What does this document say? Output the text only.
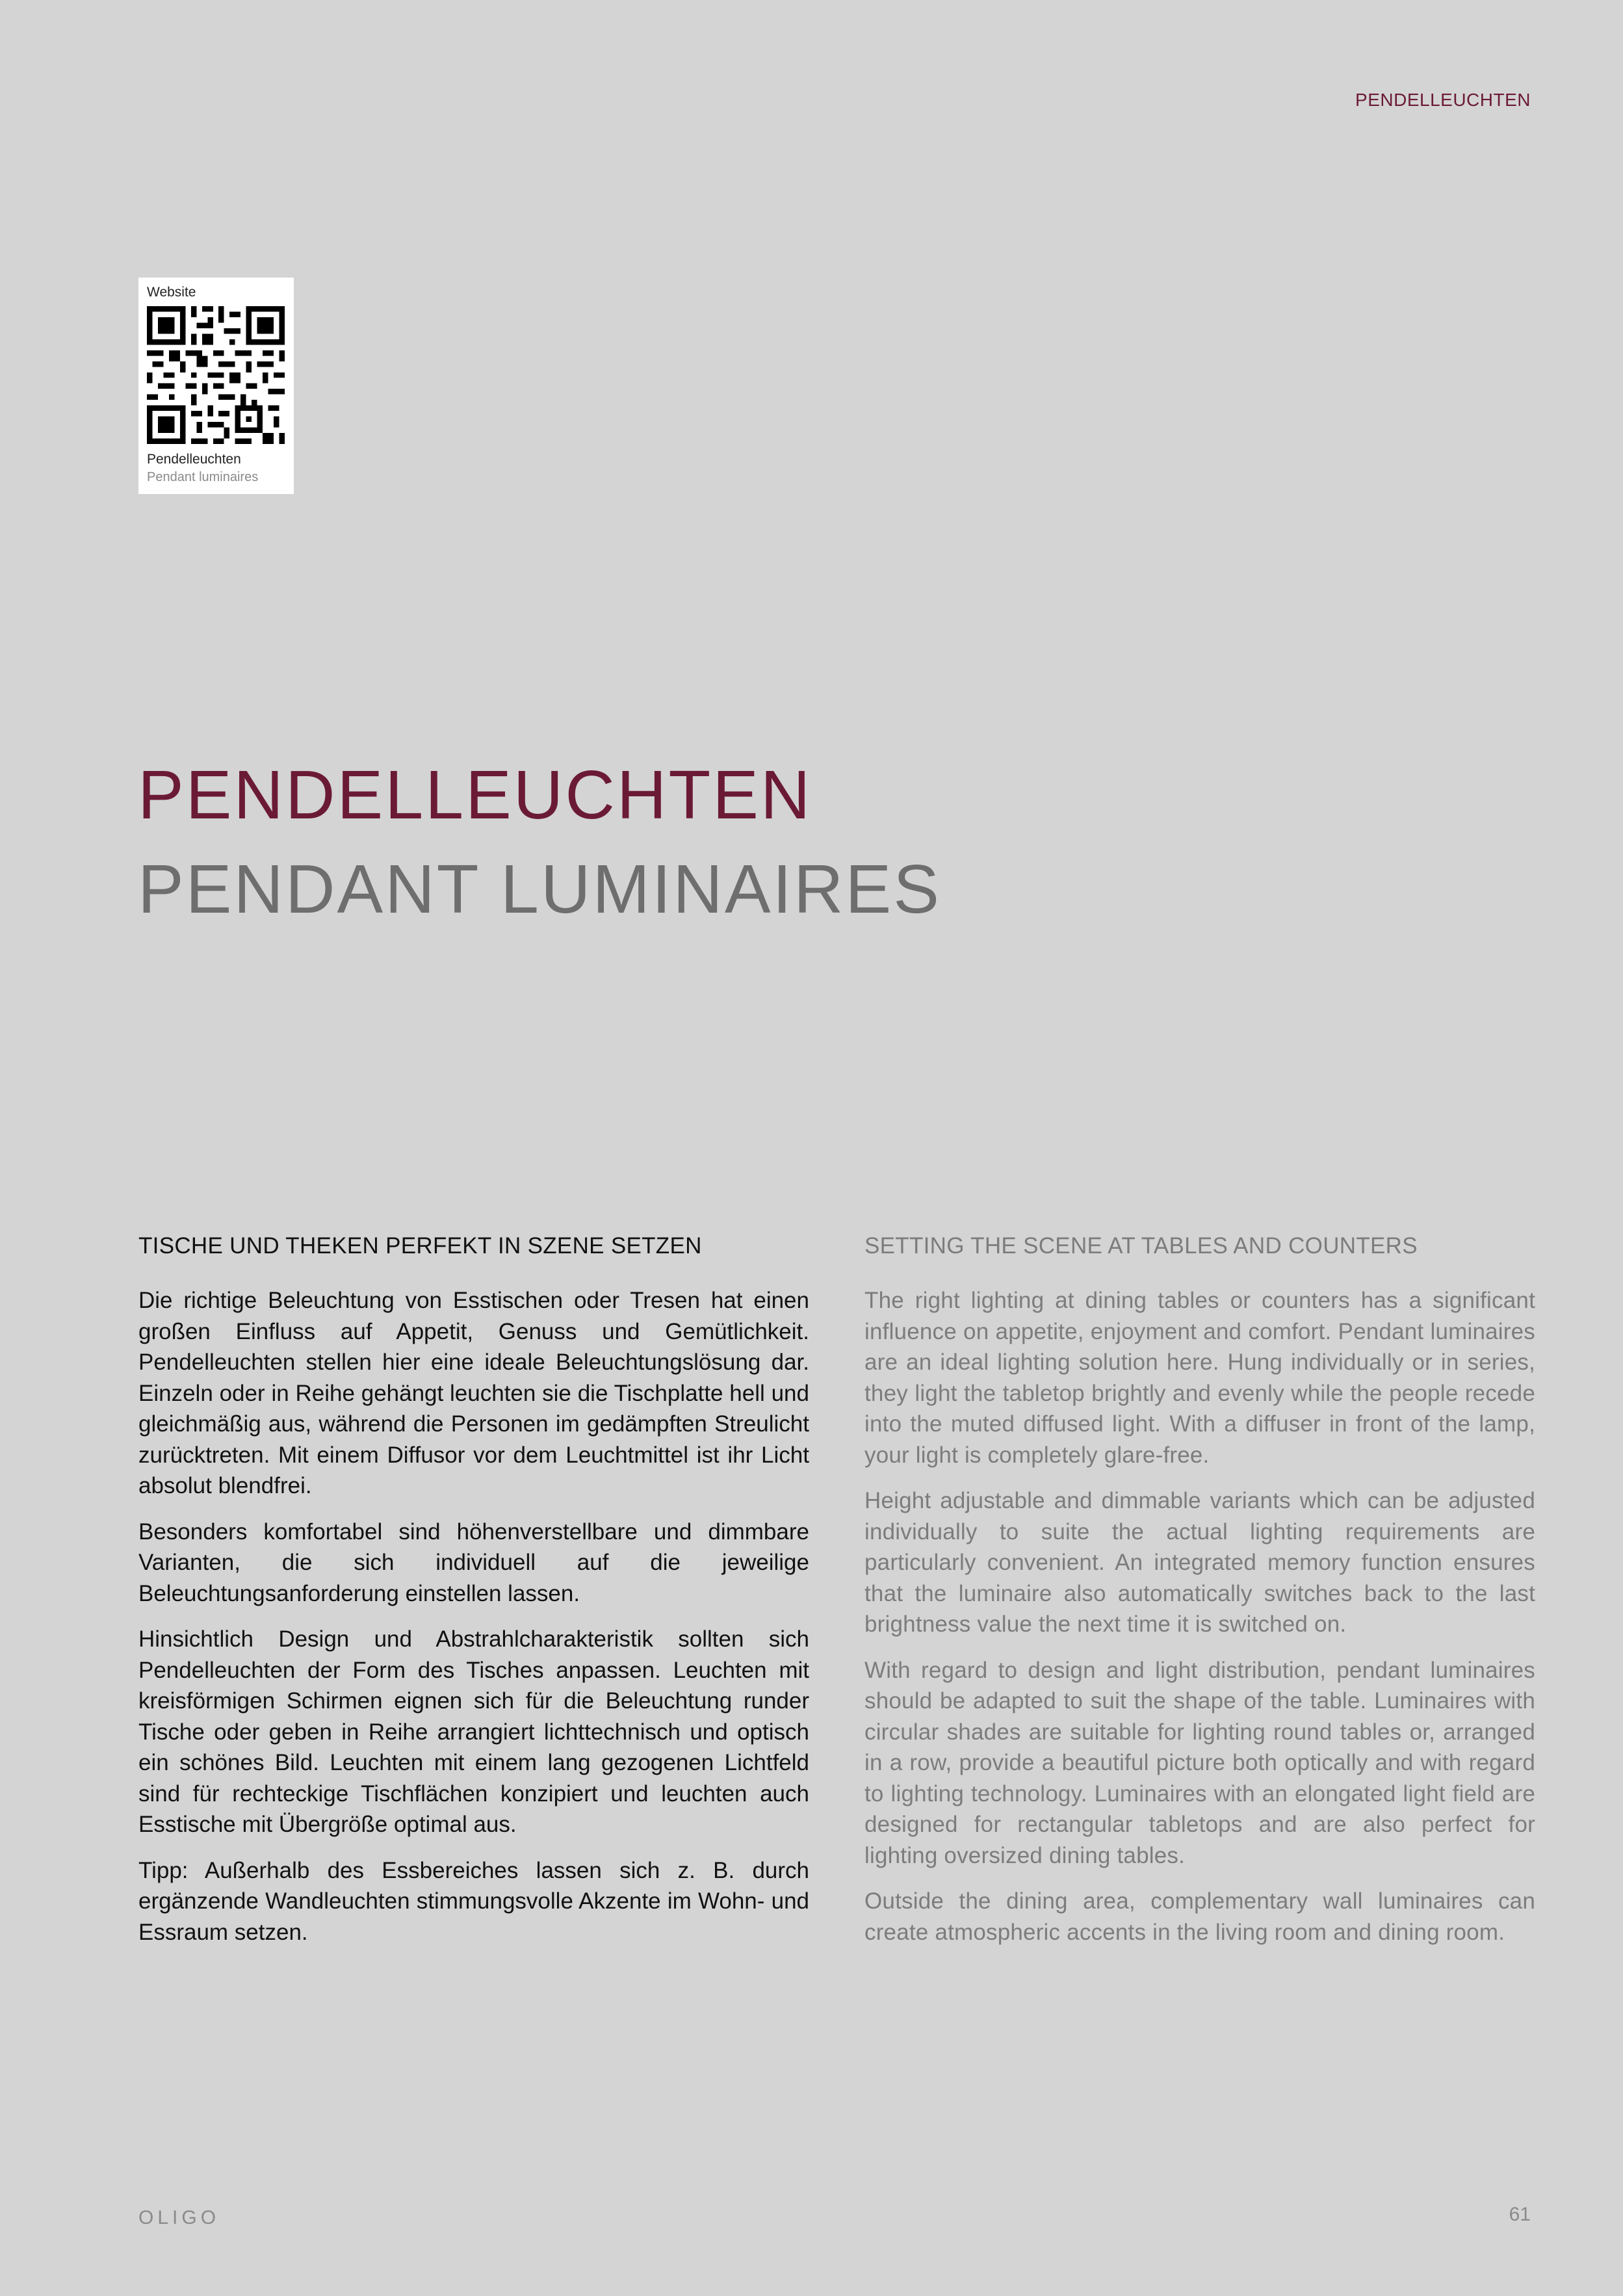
PENDELLEUCHTEN
Website
Pendelleuchten
Pendant luminaires
PENDELLEUCHTEN
PENDANT LUMINAIRES
TISCHE UND THEKEN PERFEKT IN SZENE SETZEN

Die richtige Beleuchtung von Esstischen oder Tresen hat einen großen Einfluss auf Appetit, Genuss und Gemütlichkeit. Pendelleuchten stellen hier eine ideale Beleuchtungslösung dar. Einzeln oder in Reihe gehängt leuchten sie die Tischplatte hell und gleichmäßig aus, während die Personen im gedämpften Streulicht zurücktreten. Mit einem Diffusor vor dem Leuchtmittel ist ihr Licht absolut blendfrei.

Besonders komfortabel sind höhenverstellbare und dimmbare Varianten, die sich individuell auf die jeweilige Beleuchtungsanforderung einstellen lassen.

Hinsichtlich Design und Abstrahlcharakteristik sollten sich Pendelleuchten der Form des Tisches anpassen. Leuchten mit kreisförmigen Schirmen eignen sich für die Beleuchtung runder Tische oder geben in Reihe arrangiert lichttechnisch und optisch ein schönes Bild. Leuchten mit einem lang gezogenen Lichtfeld sind für rechteckige Tischflächen konzipiert und leuchten auch Esstische mit Übergröße optimal aus.

Tipp: Außerhalb des Essbereiches lassen sich z. B. durch ergänzende Wandleuchten stimmungsvolle Akzente im Wohn- und Essraum setzen.

SETTING THE SCENE AT TABLES AND COUNTERS

The right lighting at dining tables or counters has a significant influence on appetite, enjoyment and comfort. Pendant luminaires are an ideal lighting solution here. Hung individually or in series, they light the tabletop brightly and evenly while the people recede into the muted diffused light. With a diffuser in front of the lamp, your light is completely glare-free.

Height adjustable and dimmable variants which can be adjusted individually to suite the actual lighting requirements are particularly convenient. An integrated memory function ensures that the luminaire also automatically switches back to the last brightness value the next time it is switched on.

With regard to design and light distribution, pendant luminaires should be adapted to suit the shape of the table. Luminaires with circular shades are suitable for lighting round tables or, arranged in a row, provide a beautiful picture both optically and with regard to lighting technology. Luminaires with an elongated light field are designed for rectangular tabletops and are also perfect for lighting oversized dining tables.

Outside the dining area, complementary wall luminaires can create atmospheric accents in the living room and dining room.

OLIGO	61
